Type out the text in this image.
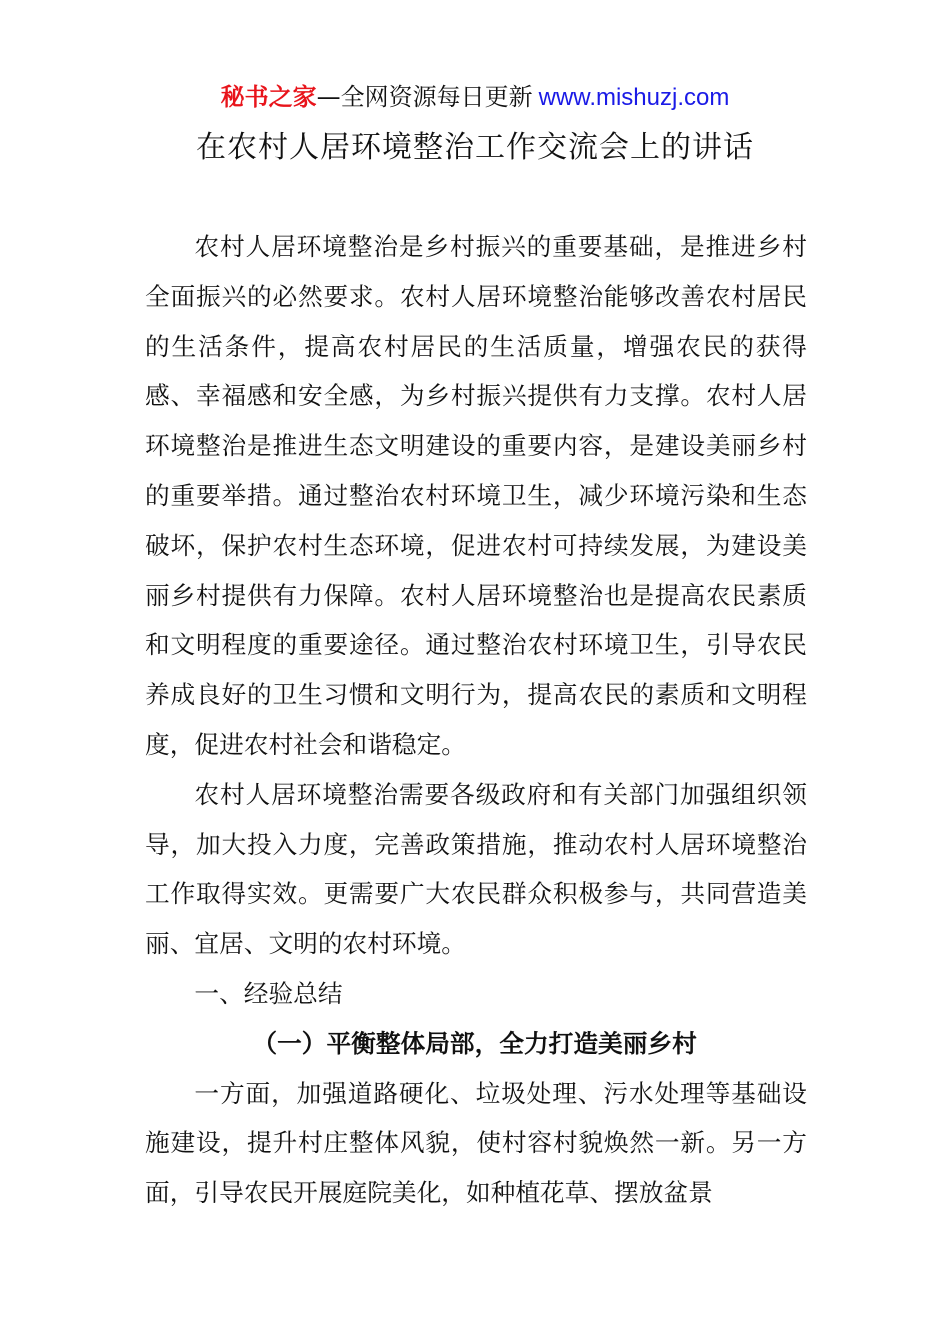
秘书之家—全网资源每日更新 www.mishuzj.com
在农村人居环境整治工作交流会上的讲话

农村人居环境整治是乡村振兴的重要基础，是推进乡村全面振兴的必然要求。农村人居环境整治能够改善农村居民的生活条件，提高农村居民的生活质量，增强农民的获得感、幸福感和安全感，为乡村振兴提供有力支撑。农村人居环境整治是推进生态文明建设的重要内容，是建设美丽乡村的重要举措。通过整治农村环境卫生，减少环境污染和生态破坏，保护农村生态环境，促进农村可持续发展，为建设美丽乡村提供有力保障。农村人居环境整治也是提高农民素质和文明程度的重要途径。通过整治农村环境卫生，引导农民养成良好的卫生习惯和文明行为，提高农民的素质和文明程度，促进农村社会和谐稳定。

农村人居环境整治需要各级政府和有关部门加强组织领导，加大投入力度，完善政策措施，推动农村人居环境整治工作取得实效。更需要广大农民群众积极参与，共同营造美丽、宜居、文明的农村环境。

一、经验总结

（一）平衡整体局部，全力打造美丽乡村

一方面，加强道路硬化、垃圾处理、污水处理等基础设施建设，提升村庄整体风貌，使村容村貌焕然一新。另一方面，引导农民开展庭院美化，如种植花草、摆放盆景
